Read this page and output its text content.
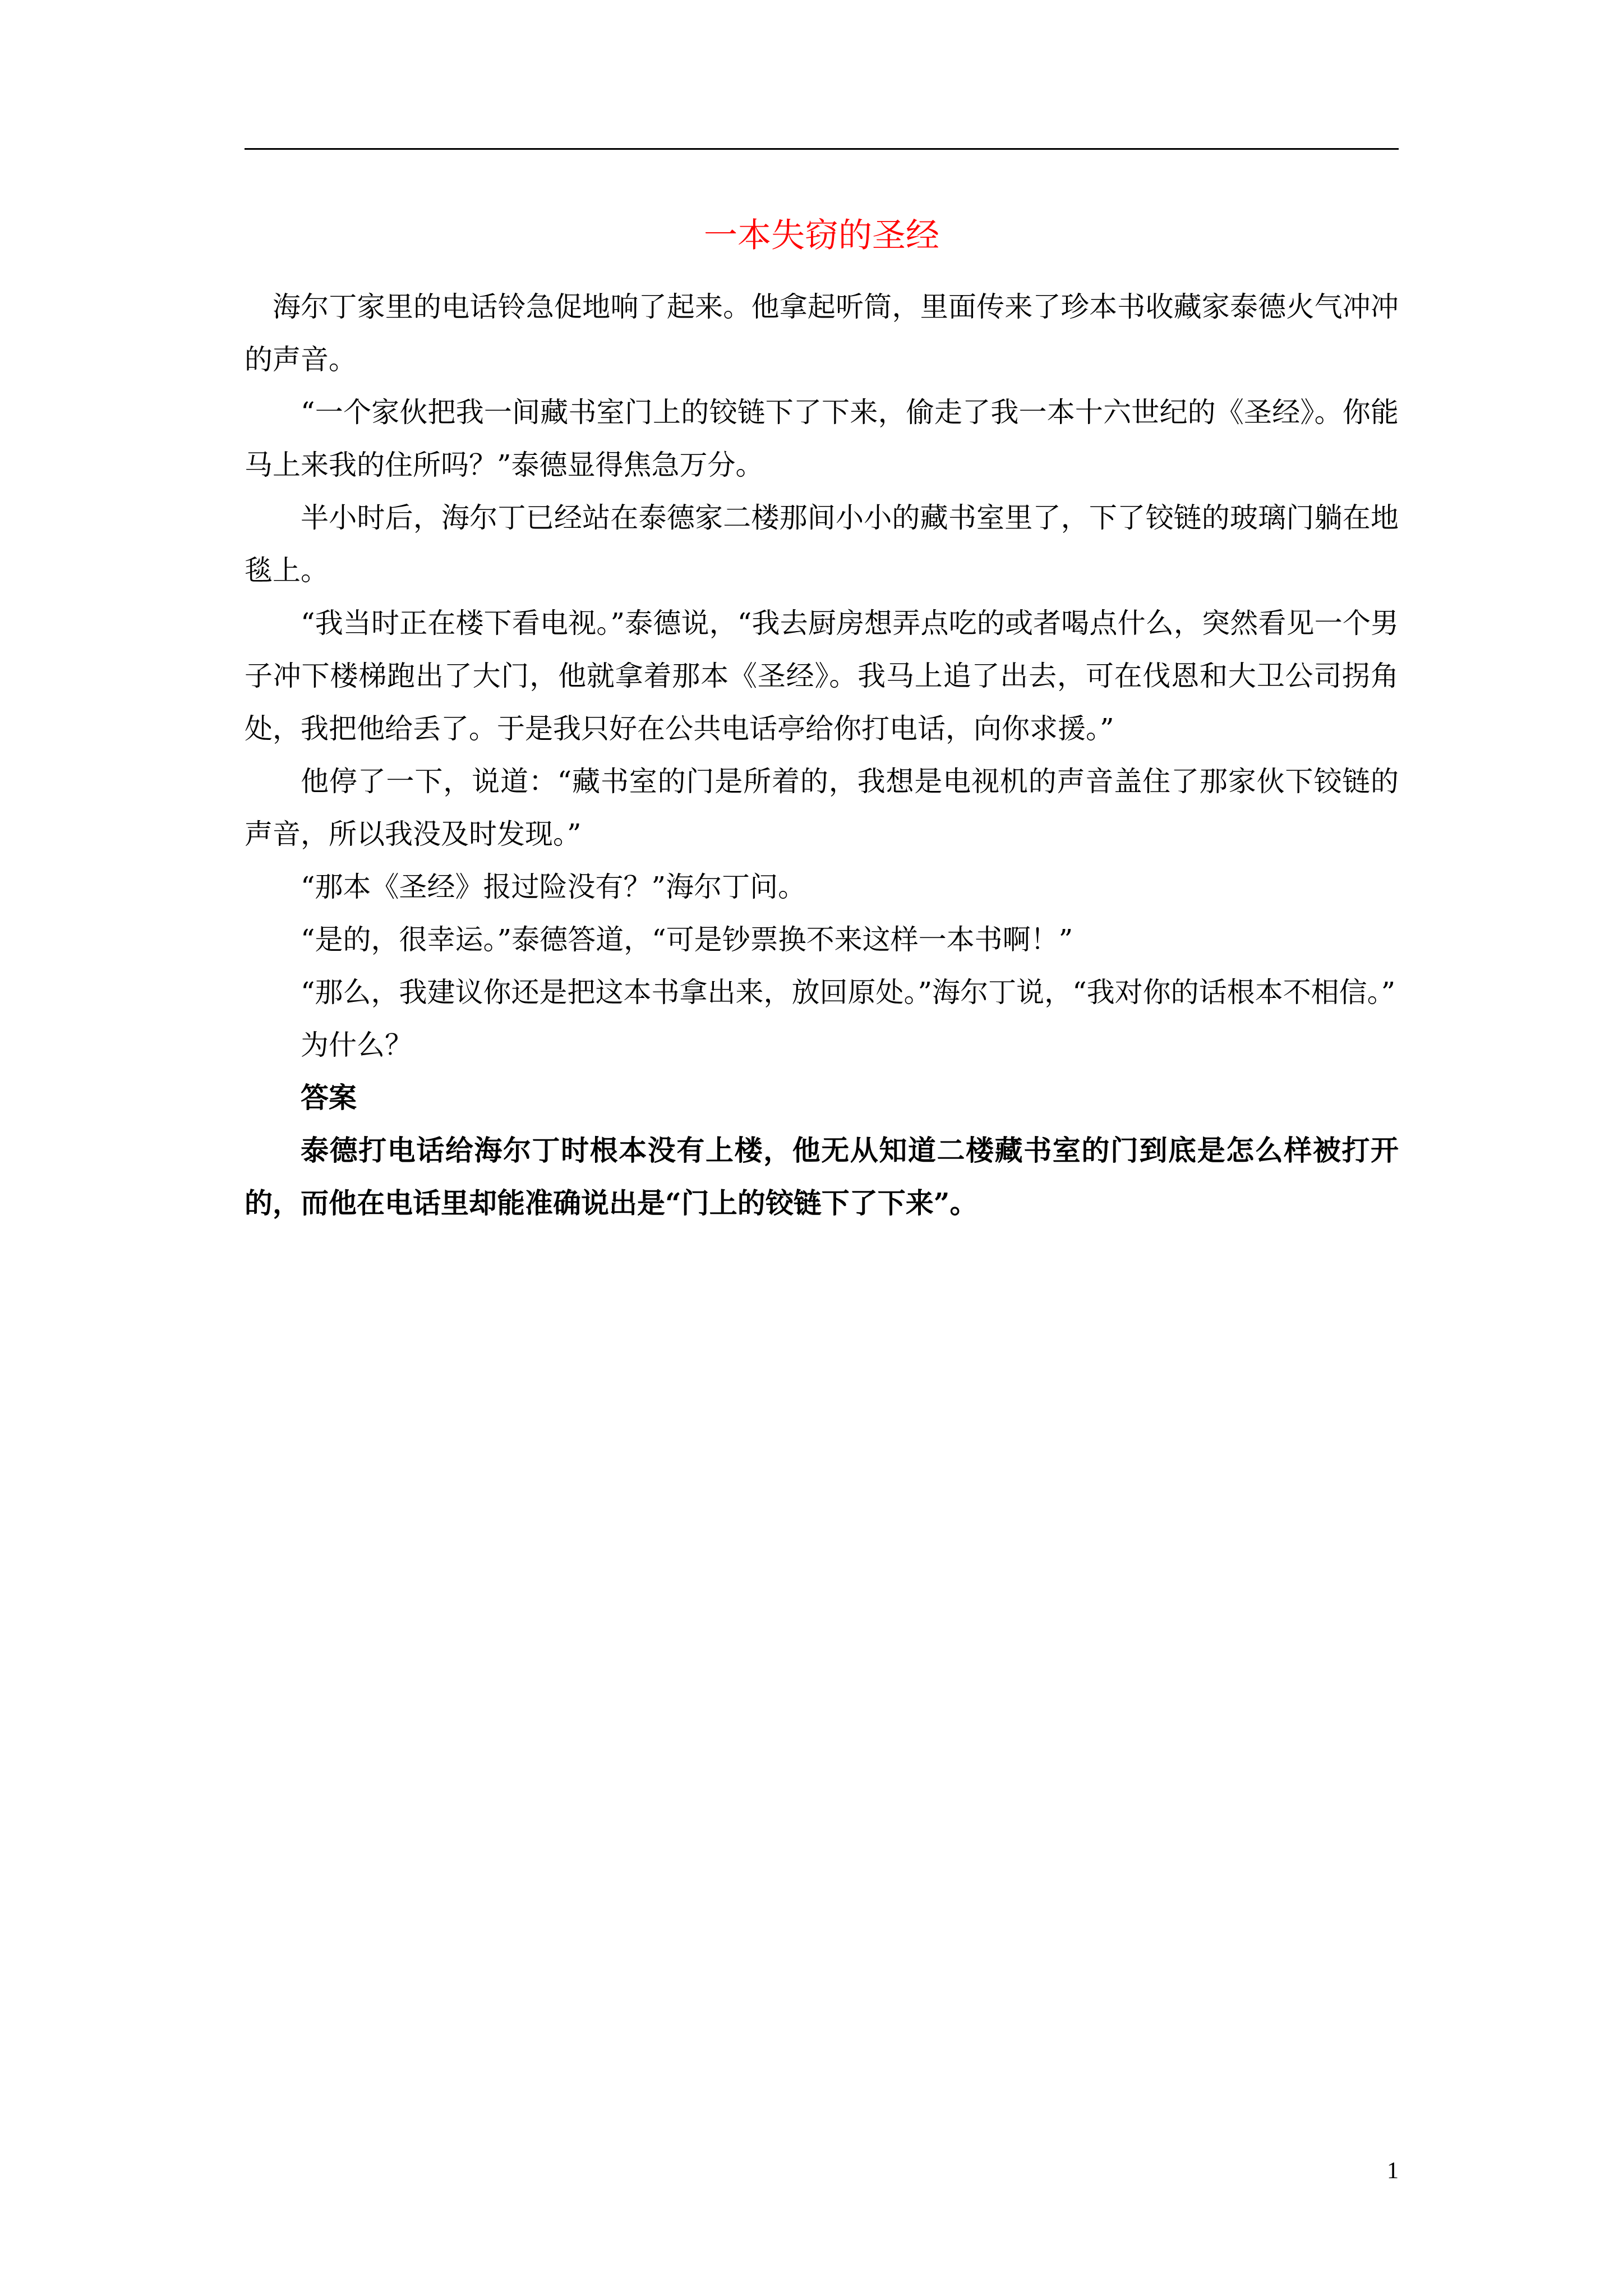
一本失窃的圣经

海尔丁家里的电话铃急促地响了起来。他拿起听筒，里面传来了珍本书收藏家泰德火气冲冲的声音。

“一个家伙把我一间藏书室门上的铰链下了下来，偷走了我一本十六世纪的《圣经》。你能马上来我的住所吗？”泰德显得焦急万分。

半小时后，海尔丁已经站在泰德家二楼那间小小的藏书室里了，下了铰链的玻璃门躺在地毯上。

“我当时正在楼下看电视。”泰德说，“我去厨房想弄点吃的或者喝点什么，突然看见一个男子冲下楼梯跑出了大门，他就拿着那本《圣经》。我马上追了出去，可在伐恩和大卫公司拐角处，我把他给丢了。于是我只好在公共电话亭给你打电话，向你求援。”

他停了一下，说道：“藏书室的门是所着的，我想是电视机的声音盖住了那家伙下铰链的声音，所以我没及时发现。”

“那本《圣经》报过险没有？”海尔丁问。

“是的，很幸运。”泰德答道，“可是钞票换不来这样一本书啊！”

“那么，我建议你还是把这本书拿出来，放回原处。”海尔丁说，“我对你的话根本不相信。”

为什么？

答案

泰德打电话给海尔丁时根本没有上楼，他无从知道二楼藏书室的门到底是怎么样被打开的，而他在电话里却能准确说出是“门上的铰链下了下来”。

1
